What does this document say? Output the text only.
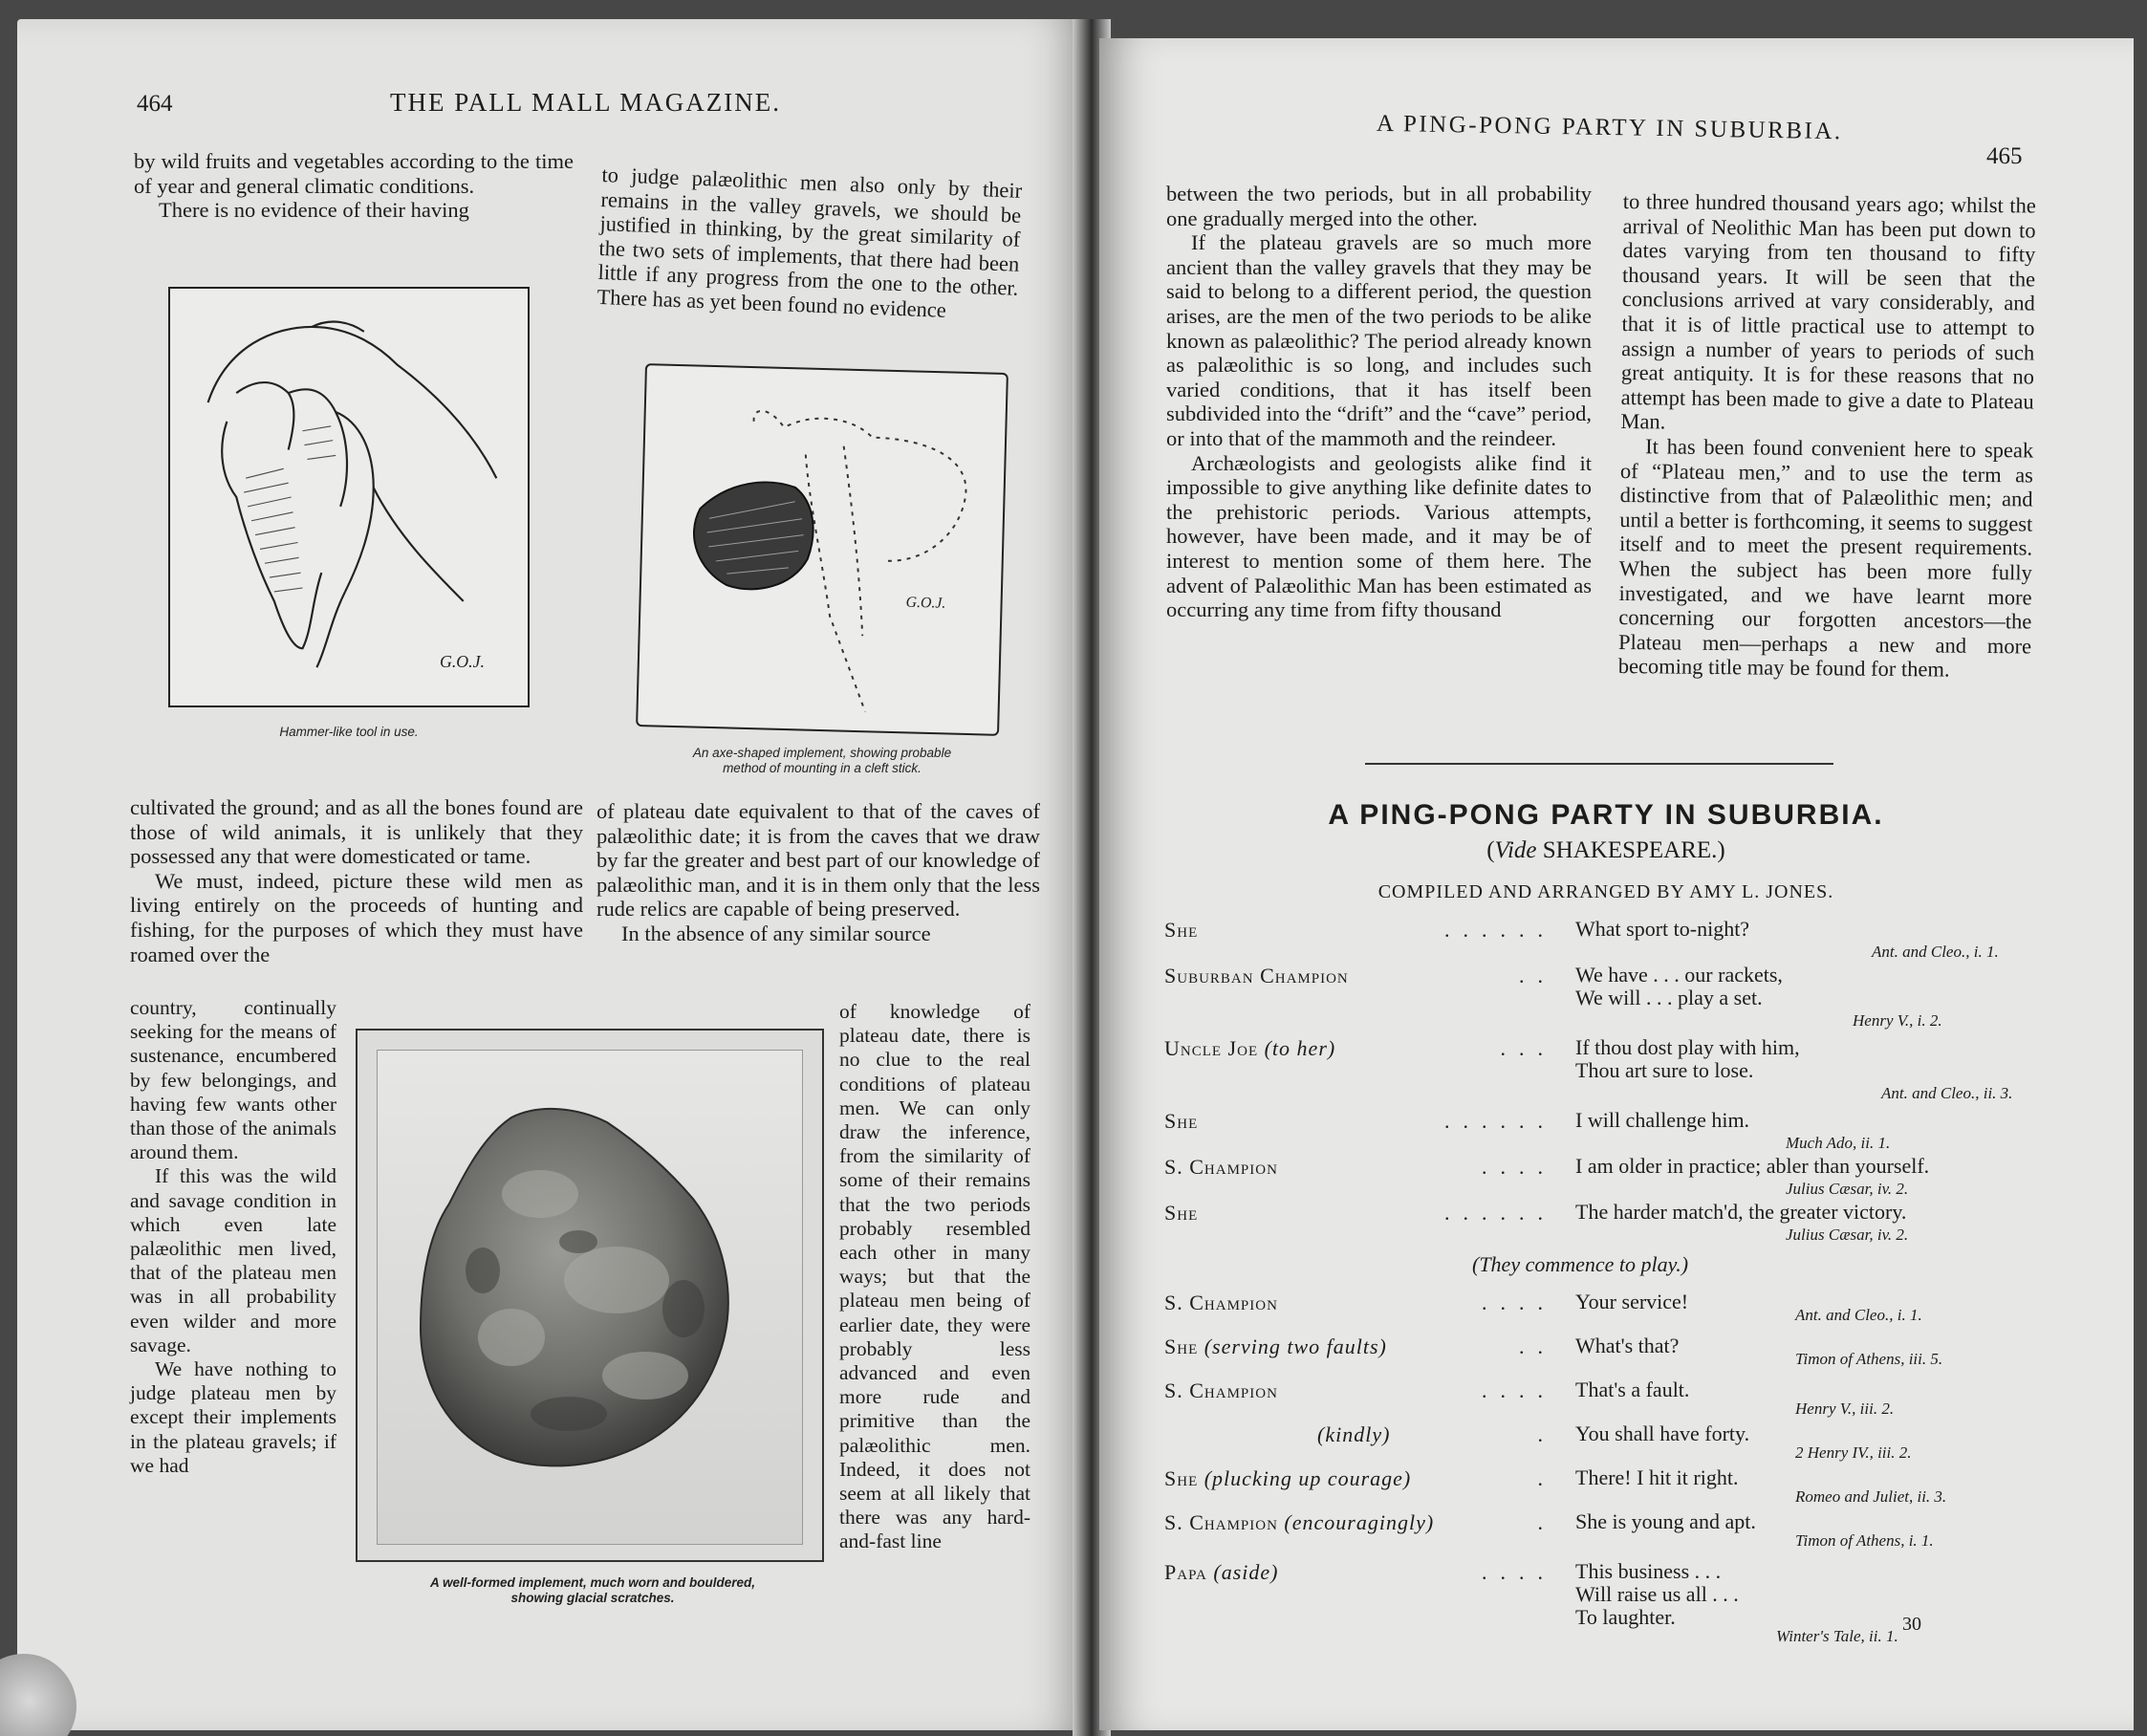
464	THE PALL MALL MAGAZINE.

by wild fruits and vegetables according to the time of year and general climatic conditions.

There is no evidence of their having

to judge palæolithic men also only by their remains in the valley gravels, we should be justified in thinking, by the great similarity of the two sets of implements, that there had been little if any progress from the one to the other. There has as yet been found no evidence

G.O.J.
Hammer-like tool in use.
G.O.J.
An axe-shaped implement, showing probable
method of mounting in a cleft stick.

cultivated the ground; and as all the bones found are those of wild animals, it is unlikely that they possessed any that were domesticated or tame.

We must, indeed, picture these wild men as living entirely on the proceeds of hunting and fishing, for the purposes of which they must have roamed over the

of plateau date equivalent to that of the caves of palæolithic date; it is from the caves that we draw by far the greater and best part of our knowledge of palæolithic man, and it is in them only that the less rude relics are capable of being preserved.

In the absence of any similar source

country, continually seeking for the means of sustenance, encumbered by few belongings, and having few wants other than those of the animals around them.

If this was the wild and savage condition in which even late palæolithic men lived, that of the plateau men was in all probability even wilder and more savage.

We have nothing to judge plateau men by except their implements in the plateau gravels; if we had

of knowledge of plateau date, there is no clue to the real conditions of plateau men. We can only draw the inference, from the similarity of some of their remains that the two periods probably resembled each other in many ways; but that the plateau men being of earlier date, they were probably less advanced and even more rude and primitive than the palæolithic men. Indeed, it does not seem at all likely that there was any hard-and-fast line

A well-formed implement, much worn and bouldered,
showing glacial scratches.
A PING-PONG PARTY IN SUBURBIA.
465

between the two periods, but in all probability one gradually merged into the other.

If the plateau gravels are so much more ancient than the valley gravels that they may be said to belong to a different period, the question arises, are the men of the two periods to be alike known as palæolithic? The period already known as palæolithic is so long, and includes such varied conditions, that it has itself been subdivided into the “drift” and the “cave” period, or into that of the mammoth and the reindeer.

Archæologists and geologists alike find it impossible to give anything like definite dates to the prehistoric periods. Various attempts, however, have been made, and it may be of interest to mention some of them here. The advent of Palæolithic Man has been estimated as occurring any time from fifty thousand

to three hundred thousand years ago; whilst the arrival of Neolithic Man has been put down to dates varying from ten thousand to fifty thousand years. It will be seen that the conclusions arrived at vary considerably, and that it is of little practical use to attempt to assign a number of years to periods of such great antiquity. It is for these reasons that no attempt has been made to give a date to Plateau Man.

It has been found convenient here to speak of “Plateau men,” and to use the term as distinctive from that of Palæolithic men; and until a better is forthcoming, it seems to suggest itself and to meet the present requirements. When the subject has been more fully investigated, and we have learnt more concerning our forgotten ancestors—the Plateau men—perhaps a new and more becoming title may be found for them.

A PING-PONG PARTY IN SUBURBIA.
(Vide SHAKESPEARE.)
COMPILED AND ARRANGED BY AMY L. JONES.
She	...... What sport to-night?
Ant. and Cleo., i. 1.
Suburban Champion	.. We have . . . our rackets,
We will . . . play a set.
Henry V., i. 2.
Uncle Joe (to her)	... If thou dost play with him,
Thou art sure to lose.
Ant. and Cleo., ii. 3.
She	...... I will challenge him.
Much Ado, ii. 1.
S. Champion	.... I am older in practice; abler than yourself.
Julius Cæsar, iv. 2.
She	...... The harder match'd, the greater victory.
Julius Cæsar, iv. 2.
(They commence to play.)
S. Champion	.... Your service!
Ant. and Cleo., i. 1.
She (serving two faults)	.. What's that?
Timon of Athens, iii. 5.
S. Champion	.... That's a fault.
Henry V., iii. 2.
(kindly)	. You shall have forty.
2 Henry IV., iii. 2.
She (plucking up courage)	. There! I hit it right.
Romeo and Juliet, ii. 3.
S. Champion (encouragingly)	. She is young and apt.
Timon of Athens, i. 1.
Papa (aside)	.... This business . . .
Will raise us all . . .
To laughter.
Winter's Tale, ii. 1.
30
